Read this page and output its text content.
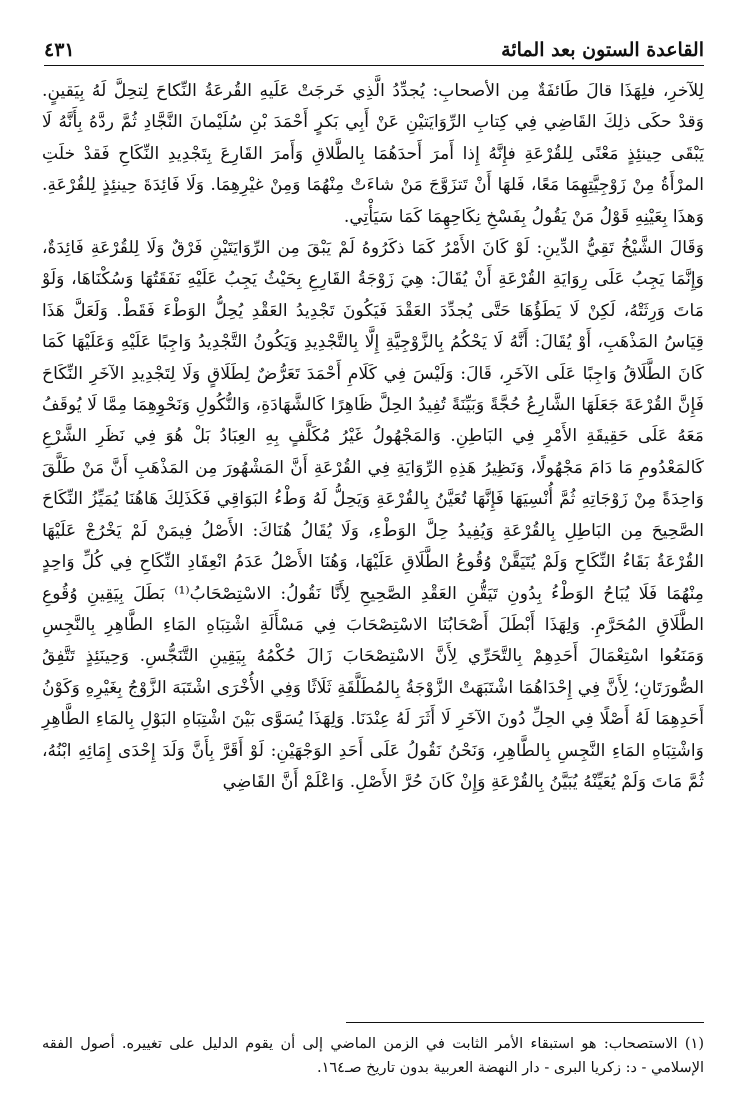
القاعدة الستون بعد المائة
٤٣١

لِلآخرِ، فلِهَذَا قالَ طَائفَةٌ مِن الأصحابِ: يُجدِّدُ الَّذِي خَرجَتْ عَلَيهِ القُرعَةُ النِّكاحَ لِتحِلَّ لَهُ بِيَقينٍ. وَقدْ حكَى ذلِكَ القَاضِي فِي كِتابِ الرِّوَايَتيْنِ عَنْ أَبِي بَكرٍ أَحْمَدَ بْنِ سُلَيْمانَ النَّجَّادِ ثُمَّ ردَّهُ بِأَنَّهُ لَا يَبْقَى حِينئِذٍ مَعْنًى لِلقُرْعَةِ فإِنَّهُ إِذا أَمرَ أَحدَهُمَا بِالطَّلاقِ وَأَمرَ القَارِعَ بِتَجْدِيدِ النِّكَاحِ فَقدْ خلَتِ المرْأَةُ مِنْ زَوْجِيَّتِهِمَا مَعًا، فَلهَا أَنْ تَتزَوَّجَ مَنْ شاءَتْ مِنْهُمَا وَمِنْ غيْرِهِمَا. وَلَا فَائِدَةَ حِينئِذٍ لِلقُرْعَةِ. وَهذَا بِعَيْنِهِ قَوْلُ مَنْ يَقُولُ بِفَسْخِ نِكَاحِهِمَا كَمَا سَيَأْتِي.

وَقَالَ الشَّيْخُ تَقِيُّ الدِّينِ: لَوْ كَانَ الأَمْرُ كَمَا ذكَرُوهُ لَمْ يَبْقَ مِن الرِّوَايَتَيْنِ فَرْقٌ وَلَا لِلقُرْعَةِ فَائِدَةٌ، وَإِنَّمَا يَجِبُ عَلَى رِوَايَةِ القُرْعَةِ أَنْ يُقَالَ: هِيَ زَوْجَةُ القَارِعِ بِحَيْثُ يَجِبُ عَلَيْهِ نَفَقَتُهَا وَسُكْنَاهَا، وَلَوْ مَاتَ وَرِثَتْهُ، لَكِنْ لَا يَطَؤُهَا حَتَّى يُجدِّدَ العَقْدَ فَيَكُونَ تَجْدِيدُ العَقْدِ يُحِلُّ الوَطْءَ فَقَطْ. وَلَعَلَّ هَذَا قِيَاسُ المَذْهَبِ، أَوْ يُقَالَ: أَنَّهُ لَا يَحْكُمُ بِالزَّوْجِيَّةِ إِلَّا بِالتَّجْدِيدِ وَيَكُونُ التَّجْدِيدُ وَاجِبًا عَلَيْهِ وَعَلَيْهَا كَمَا كَانَ الطَّلَاقُ وَاجِبًا عَلَى الآخَرِ، قَالَ: وَلَيْسَ فِي كَلَامِ أَحْمَدَ تَعَرُّضٌ لِطَلَاقٍ وَلَا لِتَجْدِيدِ الآخَرِ النِّكَاحَ فَإِنَّ القُرْعَةَ جَعَلَهَا الشَّارِعُ حُجَّةً وَبَيِّنَةً تُفِيدُ الحِلَّ ظَاهِرًا كَالشَّهَادَةِ، وَالنُّكُولِ وَنَحْوِهِمَا مِمَّا لَا يُوقَفُ مَعَهُ عَلَى حَقِيقَةِ الأَمْرِ فِي البَاطِنِ. وَالمَجْهُولُ غَيْرُ مُكَلَّفٍ بِهِ العِبَادُ بَلْ هُوَ فِي نَظَرِ الشَّرْعِ كَالمَعْدُومِ مَا دَامَ مَجْهُولًا، وَنَظِيرُ هَذِهِ الرِّوَايَةِ فِي القُرْعَةِ أَنَّ المَشْهُورَ مِن المَذْهَبِ أَنَّ مَنْ طَلَّقَ وَاحِدَةً مِنْ زَوْجَاتِهِ ثُمَّ أُنْسِيَهَا فَإِنَّهَا تُعَيَّنُ بِالقُرْعَةِ وَيَحِلُّ لَهُ وَطْءُ البَوَاقِي فَكَذَلِكَ هَاهُنَا يُمَيِّزُ النِّكَاحَ الصَّحِيحَ مِن البَاطِلِ بِالقُرْعَةِ وَيُفِيدُ حِلَّ الوَطْءِ، وَلَا يُقَالُ هُنَاكَ: الأَصْلُ فِيمَنْ لَمْ يَخْرُجْ عَلَيْهَا القُرْعَةُ بَقَاءُ النِّكَاحِ وَلَمْ يُتَيَقَّنْ وُقُوعُ الطَّلَاقِ عَلَيْهَا، وَهُنَا الأَصْلُ عَدَمُ انْعِقَادِ النِّكَاحِ فِي كُلِّ وَاحِدٍ مِنْهُمَا فَلَا يُبَاحُ الوَطْءُ بِدُونِ تَيَقُّنِ العَقْدِ الصَّحِيحِ لِأَنَّا نَقُولُ: الاسْتِصْحَابُ⁽¹⁾ بَطَلَ بِيَقِينِ وُقُوعِ الطَّلَاقِ المُحَرَّمِ. وَلِهَذَا أَبْطَلَ أَصْحَابُنَا الاسْتِصْحَابَ فِي مَسْأَلَةِ اشْتِبَاهِ المَاءِ الطَّاهِرِ بِالنَّجِسِ وَمَنَعُوا اسْتِعْمَالَ أَحَدِهِمْ بِالتَّحَرِّي لِأَنَّ الاسْتِصْحَابَ زَالَ حُكْمُهُ بِيَقِينِ التَّنَجُّسِ. وَحِينَئِذٍ تَتَّفِقُ الصُّورَتَانِ؛ لِأَنَّ فِي إِحْدَاهُمَا اشْتَبَهَتْ الزَّوْجَةُ بِالمُطَلَّقَةِ ثَلَاثًا وَفِي الأُخْرَى اشْتَبَهَ الزَّوْجُ بِغَيْرِهِ وَكَوْنُ أَحَدِهِمَا لَهُ أَصْلًا فِي الحِلِّ دُونَ الآخَرِ لَا أَثَرَ لَهُ عِنْدَنَا. وَلِهَذَا يُسَوَّى بَيْنَ اشْتِبَاهِ البَوْلِ بِالمَاءِ الطَّاهِرِ وَاشْتِبَاهِ المَاءِ النَّجِسِ بِالطَّاهِرِ، وَنَحْنُ نَقُولُ عَلَى أَحَدِ الوَجْهَيْنِ: لَوْ أَقَرَّ بِأَنَّ وَلَدَ إِحْدَى إِمَائِهِ ابْنُهُ، ثُمَّ مَاتَ وَلَمْ يُعَيِّنْهُ يُبَيَّنُ بِالقُرْعَةِ وَإِنْ كَانَ حُرَّ الأَصْلِ. وَاعْلَمْ أَنَّ القَاضِي

(١) الاستصحاب: هو استبقاء الأمر الثابت في الزمن الماضي إلى أن يقوم الدليل على تغييره. أصول الفقه الإسلامي - د: زكريا البرى - دار النهضة العربية بدون تاريخ صـ١٦٤.
